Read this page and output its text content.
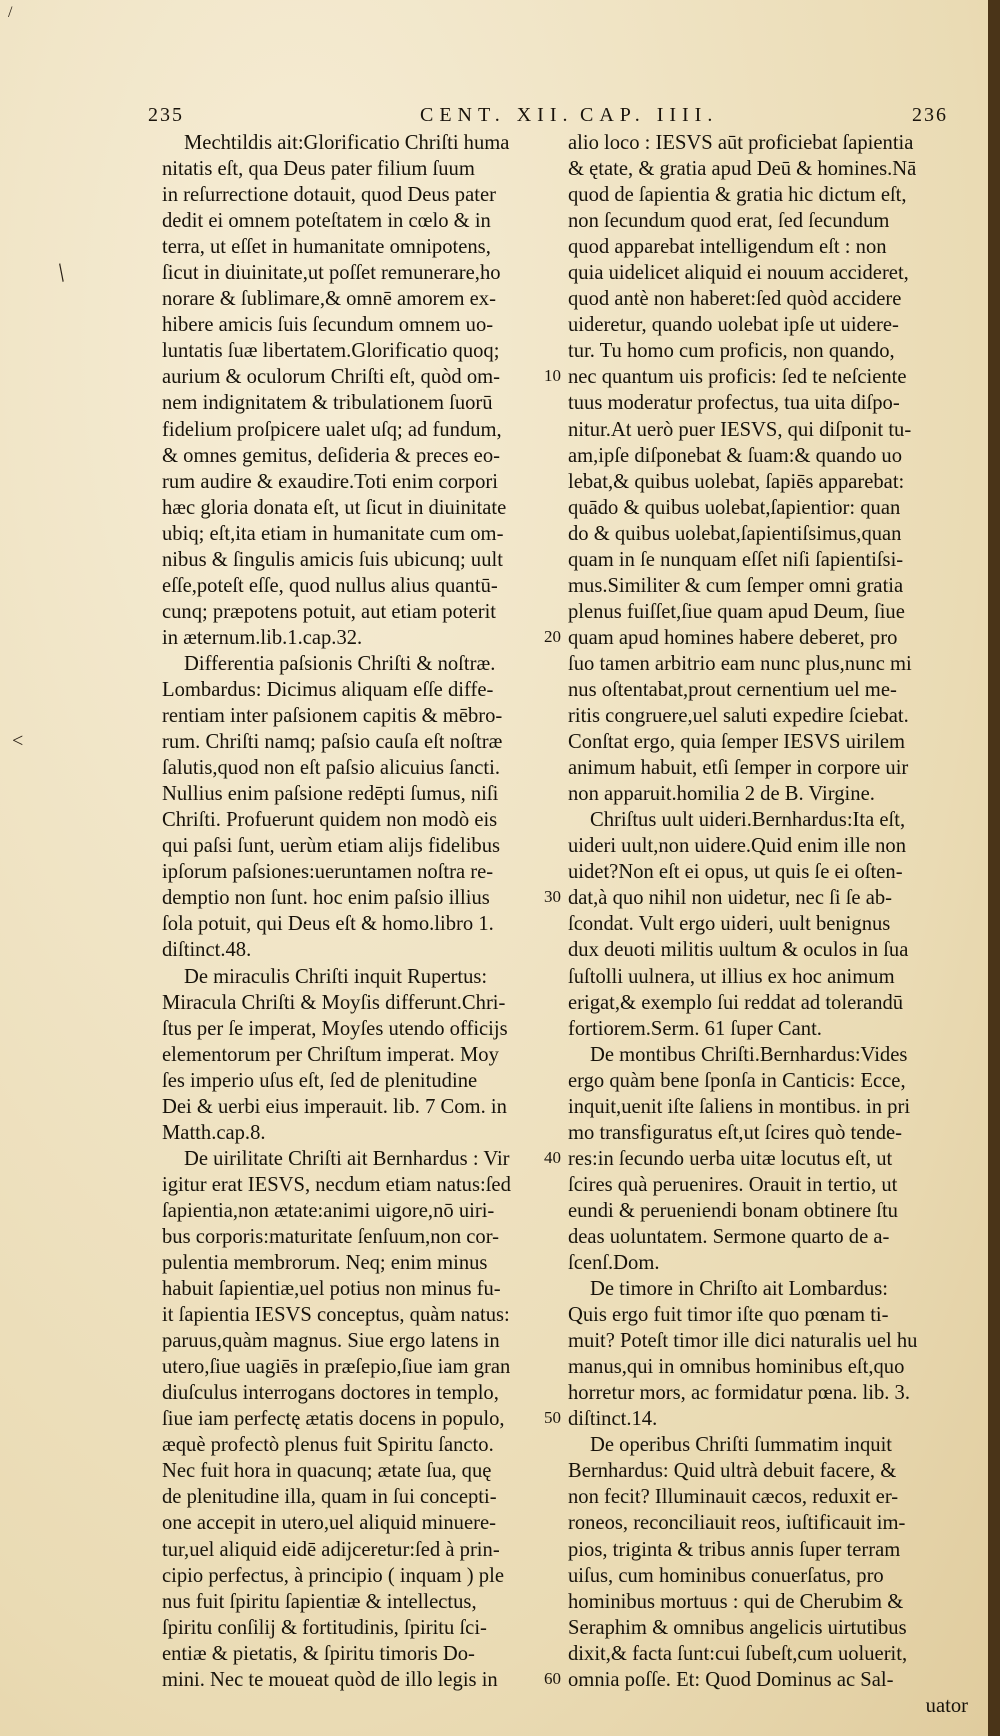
235	CENT. XII. CAP. IIII.	236
Mechtildis ait:Glorificatio Chriſti huma
nitatis eſt, qua Deus pater filium ſuum
in reſurrectione dotauit, quod Deus pater
dedit ei omnem poteſtatem in cœlo & in
terra, ut eſſet in humanitate omnipotens,
ſicut in diuinitate,ut poſſet remunerare,ho
norare & ſublimare,& omnē amorem ex-
hibere amicis ſuis ſecundum omnem uo-
luntatis ſuæ libertatem.Glorificatio quoq;
aurium & oculorum Chriſti eſt, quòd om-
nem indignitatem & tribulationem ſuorū
fidelium proſpicere ualet uſq; ad fundum,
& omnes gemitus, deſideria & preces eo-
rum audire & exaudire.Toti enim corpori
hæc gloria donata eſt, ut ſicut in diuinitate
ubiq; eſt,ita etiam in humanitate cum om-
nibus & ſingulis amicis ſuis ubicunq; uult
eſſe,poteſt eſſe, quod nullus alius quantū-
cunq; præpotens potuit, aut etiam poterit
in æternum.lib.1.cap.32.
Differentia paſsionis Chriſti & noſtræ.
Lombardus: Dicimus aliquam eſſe diffe-
rentiam inter paſsionem capitis & mēbro-
rum. Chriſti namq; paſsio cauſa eſt noſtræ
ſalutis,quod non eſt paſsio alicuius ſancti.
Nullius enim paſsione redēpti ſumus, niſi
Chriſti. Profuerunt quidem non modò eis
qui paſsi ſunt, uerùm etiam alijs fidelibus
ipſorum paſsiones:ueruntamen noſtra re-
demptio non ſunt. hoc enim paſsio illius
ſola potuit, qui Deus eſt & homo.libro 1.
diſtinct.48.
De miraculis Chriſti inquit Rupertus:
Miracula Chriſti & Moyſis differunt.Chri-
ſtus per ſe imperat, Moyſes utendo officijs
elementorum per Chriſtum imperat. Moy
ſes imperio uſus eſt, ſed de plenitudine
Dei & uerbi eius imperauit. lib. 7 Com. in
Matth.cap.8.
De uirilitate Chriſti ait Bernhardus : Vir
igitur erat IESVS, necdum etiam natus:ſed
ſapientia,non ætate:animi uigore,nō uiri-
bus corporis:maturitate ſenſuum,non cor-
pulentia membrorum. Neq; enim minus
habuit ſapientiæ,uel potius non minus fu-
it ſapientia IESVS conceptus, quàm natus:
paruus,quàm magnus. Siue ergo latens in
utero,ſiue uagiēs in præſepio,ſiue iam gran
diuſculus interrogans doctores in templo,
ſiue iam perfectę ætatis docens in populo,
æquè profectò plenus fuit Spiritu ſancto.
Nec fuit hora in quacunq; ætate ſua, quę
de plenitudine illa, quam in ſui concepti-
one accepit in utero,uel aliquid minuere-
tur,uel aliquid eidē adijceretur:ſed à prin-
cipio perfectus, à principio ( inquam ) ple
nus fuit ſpiritu ſapientiæ & intellectus,
ſpiritu conſilij & fortitudinis, ſpiritu ſci-
entiæ & pietatis, & ſpiritu timoris Do-
mini. Nec te moueat quòd de illo legis in
alio loco : IESVS aūt proficiebat ſapientia
& ętate, & gratia apud Deū & homines.Nā
quod de ſapientia & gratia hic dictum eſt,
non ſecundum quod erat, ſed ſecundum
quod apparebat intelligendum eſt : non
quia uidelicet aliquid ei nouum accideret,
quod antè non haberet:ſed quòd accidere
uideretur, quando uolebat ipſe ut uidere-
tur. Tu homo cum proficis, non quando,
nec quantum uis proficis: ſed te neſciente
tuus moderatur profectus, tua uita diſpo-
nitur.At uerò puer IESVS, qui diſponit tu-
am,ipſe diſponebat & ſuam:& quando uo
lebat,& quibus uolebat, ſapiēs apparebat:
quādo & quibus uolebat,ſapientior: quan
do & quibus uolebat,ſapientiſsimus,quan
quam in ſe nunquam eſſet niſi ſapientiſsi-
mus.Similiter & cum ſemper omni gratia
plenus fuiſſet,ſiue quam apud Deum, ſiue
quam apud homines habere deberet, pro
ſuo tamen arbitrio eam nunc plus,nunc mi
nus oſtentabat,prout cernentium uel me-
ritis congruere,uel saluti expedire ſciebat.
Conſtat ergo, quia ſemper IESVS uirilem
animum habuit, etſi ſemper in corpore uir
non apparuit.homilia 2 de B. Virgine.
Chriſtus uult uideri.Bernhardus:Ita eſt,
uideri uult,non uidere.Quid enim ille non
uidet?Non eſt ei opus, ut quis ſe ei oſten-
dat,à quo nihil non uidetur, nec ſi ſe ab-
ſcondat. Vult ergo uideri, uult benignus
dux deuoti militis uultum & oculos in ſua
ſuſtolli uulnera, ut illius ex hoc animum
erigat,& exemplo ſui reddat ad tolerandū
fortiorem.Serm. 61 ſuper Cant.
De montibus Chriſti.Bernhardus:Vides
ergo quàm bene ſponſa in Canticis: Ecce,
inquit,uenit iſte ſaliens in montibus. in pri
mo transfiguratus eſt,ut ſcires quò tende-
res:in ſecundo uerba uitæ locutus eſt, ut
ſcires quà peruenires. Orauit in tertio, ut
eundi & perueniendi bonam obtinere ſtu
deas uoluntatem. Sermone quarto de a-
ſcenſ.Dom.
De timore in Chriſto ait Lombardus:
Quis ergo fuit timor iſte quo pœnam ti-
muit? Poteſt timor ille dici naturalis uel hu
manus,qui in omnibus hominibus eſt,quo
horretur mors, ac formidatur pœna. lib. 3.
diſtinct.14.
De operibus Chriſti ſummatim inquit
Bernhardus: Quid ultrà debuit facere, &
non fecit? Illuminauit cæcos, reduxit er-
roneos, reconciliauit reos, iuſtificauit im-
pios, triginta & tribus annis ſuper terram
uiſus, cum hominibus conuerſatus, pro
hominibus mortuus : qui de Cherubim &
Seraphim & omnibus angelicis uirtutibus
dixit,& facta ſunt:cui ſubeſt,cum uoluerit,
omnia poſſe. Et: Quod Dominus ac Sal-
uator
10
20
30
40
50
60
/
<
/
